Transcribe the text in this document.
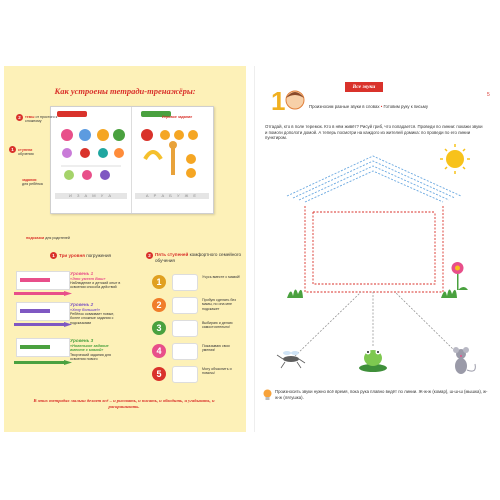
Как устроены тетради-тренажёры:
И З А М У А	А Р А Б У Ж Е
2	темы от простого к сложному
Игровое задание
1	ступени
обучения
задания
для ребёнка
подсказки для родителей
1 Три уровня погружения
Уровень 1
«Это умеет Ваш»
Наблюдение и детский опыт в освоении способа действий
Уровень 2
«Хочу больше!»
Ребёнок осваивает новые, более сложные задания с подсказками
Уровень 3
«Новенькое задание вместе с мамой»
Творческий задания для освоения нового
2 Пять ступеней комфортного семейного обучения
1	Учусь вместе с мамой!
2	Пробую сделать без мамы, но она мне подскажет
3	Выбираю и делаю самостоятельно!
4	Показываю свои умения!
5	Могу объяснить и помочь!
В этих тетрадях малыш делает всё – и рисовать, и писать, и обводить, и угадывать, и раскрашивать.
Все звуки
5
1	Произносим разные звуки в словах • Готовим руку к письму
Отгадай, кто в поле теремок. Кто в нём живёт? Рисуй гриб, что попадается. Проведи по линии: покажи звуки и помоги доползти домой. А теперь посмотри на каждого из жителей домика: по проведи по его линии пунктиром.
Произносить звуки нужно всё время, пока рука плавно ведёт по линии. Ж-ж-ж (комар), ш-ш-ш (мышка), ж-ж-ж (лягушка).
